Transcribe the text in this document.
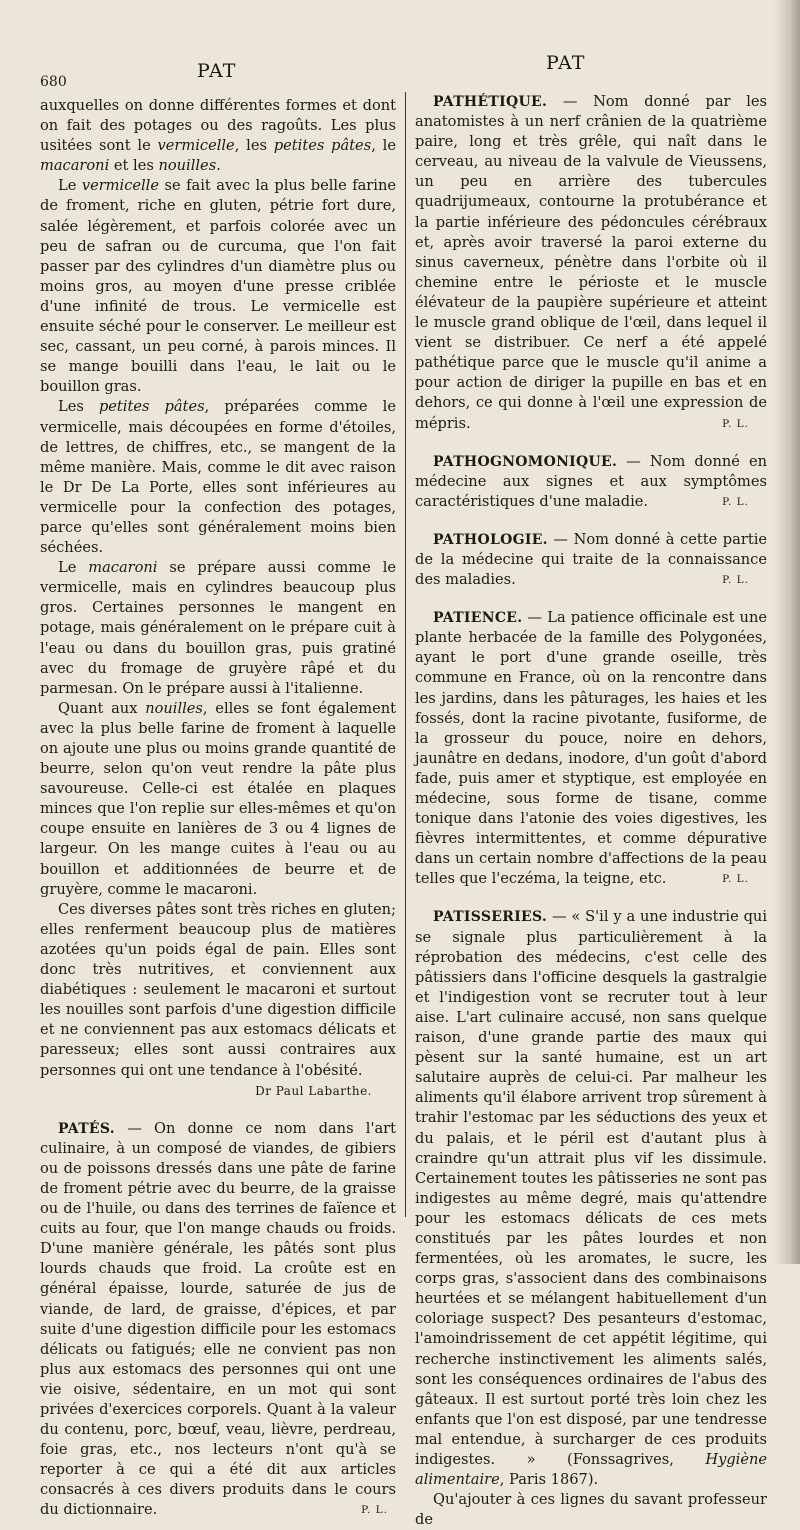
680	PAT	PAT

auxquelles on donne différentes formes et dont on fait des potages ou des ragoûts. Les plus usitées sont le vermicelle, les petites pâtes, le macaroni et les nouilles.

Le vermicelle se fait avec la plus belle farine de froment, riche en gluten, pétrie fort dure, salée légèrement, et parfois colorée avec un peu de safran ou de curcuma, que l'on fait passer par des cylindres d'un diamètre plus ou moins gros, au moyen d'une presse criblée d'une infinité de trous. Le vermicelle est ensuite séché pour le conserver. Le meilleur est sec, cassant, un peu corné, à parois minces. Il se mange bouilli dans l'eau, le lait ou le bouillon gras.

Les petites pâtes, préparées comme le vermicelle, mais découpées en forme d'étoiles, de lettres, de chiffres, etc., se mangent de la même manière. Mais, comme le dit avec raison le Dr De La Porte, elles sont inférieures au vermicelle pour la confection des potages, parce qu'elles sont généralement moins bien séchées.

Le macaroni se prépare aussi comme le vermicelle, mais en cylindres beaucoup plus gros. Certaines personnes le mangent en potage, mais généralement on le prépare cuit à l'eau ou dans du bouillon gras, puis gratiné avec du fromage de gruyère râpé et du parmesan. On le prépare aussi à l'italienne.

Quant aux nouilles, elles se font également avec la plus belle farine de froment à laquelle on ajoute une plus ou moins grande quantité de beurre, selon qu'on veut rendre la pâte plus savoureuse. Celle-ci est étalée en plaques minces que l'on replie sur elles-mêmes et qu'on coupe ensuite en lanières de 3 ou 4 lignes de largeur. On les mange cuites à l'eau ou au bouillon et additionnées de beurre et de gruyère, comme le macaroni.

Ces diverses pâtes sont très riches en gluten; elles renferment beaucoup plus de matières azotées qu'un poids égal de pain. Elles sont donc très nutritives, et conviennent aux diabétiques : seulement le macaroni et surtout les nouilles sont parfois d'une digestion difficile et ne conviennent pas aux estomacs délicats et paresseux; elles sont aussi contraires aux personnes qui ont une tendance à l'obésité.

Dr Paul Labarthe.

PATÉS. — On donne ce nom dans l'art culinaire, à un composé de viandes, de gibiers ou de poissons dressés dans une pâte de farine de froment pétrie avec du beurre, de la graisse ou de l'huile, ou dans des terrines de faïence et cuits au four, que l'on mange chauds ou froids. D'une manière générale, les pâtés sont plus lourds chauds que froid. La croûte est en général épaisse, lourde, saturée de jus de viande, de lard, de graisse, d'épices, et par suite d'une digestion difficile pour les estomacs délicats ou fatigués; elle ne convient pas non plus aux estomacs des personnes qui ont une vie oisive, sédentaire, en un mot qui sont privées d'exercices corporels. Quant à la valeur du contenu, porc, bœuf, veau, lièvre, perdreau, foie gras, etc., nos lecteurs n'ont qu'à se reporter à ce qui a été dit aux articles consacrés à ces divers produits dans le cours du dictionnaire.	P. L.

PATHÉTIQUE. — Nom donné par les anatomistes à un nerf crânien de la quatrième paire, long et très grêle, qui naît dans le cerveau, au niveau de la valvule de Vieussens, un peu en arrière des tubercules quadrijumeaux, contourne la protubérance et la partie inférieure des pédoncules cérébraux et, après avoir traversé la paroi externe du sinus caverneux, pénètre dans l'orbite où il chemine entre le périoste et le muscle élévateur de la paupière supérieure et atteint le muscle grand oblique de l'œil, dans lequel il vient se distribuer. Ce nerf a été appelé pathétique parce que le muscle qu'il anime a pour action de diriger la pupille en bas et en dehors, ce qui donne à l'œil une expression de mépris.	P. L.

PATHOGNOMONIQUE. — Nom donné en médecine aux signes et aux symptômes caractéristiques d'une maladie.	P. L.

PATHOLOGIE. — Nom donné à cette partie de la médecine qui traite de la connaissance des maladies.	P. L.

PATIENCE. — La patience officinale est une plante herbacée de la famille des Polygonées, ayant le port d'une grande oseille, très commune en France, où on la rencontre dans les jardins, dans les pâturages, les haies et les fossés, dont la racine pivotante, fusiforme, de la grosseur du pouce, noire en dehors, jaunâtre en dedans, inodore, d'un goût d'abord fade, puis amer et styptique, est employée en médecine, sous forme de tisane, comme tonique dans l'atonie des voies digestives, les fièvres intermittentes, et comme dépurative dans un certain nombre d'affections de la peau telles que l'eczéma, la teigne, etc.	P. L.

PATISSERIES. — « S'il y a une industrie qui se signale plus particulièrement à la réprobation des médecins, c'est celle des pâtissiers dans l'officine desquels la gastralgie et l'indigestion vont se recruter tout à leur aise. L'art culinaire accusé, non sans quelque raison, d'une grande partie des maux qui pèsent sur la santé humaine, est un art salutaire auprès de celui-ci. Par malheur les aliments qu'il élabore arrivent trop sûrement à trahir l'estomac par les séductions des yeux et du palais, et le péril est d'autant plus à craindre qu'un attrait plus vif les dissimule. Certainement toutes les pâtisseries ne sont pas indigestes au même degré, mais qu'attendre pour les estomacs délicats de ces mets constitués par les pâtes lourdes et non fermentées, où les aromates, le sucre, les corps gras, s'associent dans des combinaisons heurtées et se mélangent habituellement d'un coloriage suspect? Des pesanteurs d'estomac, l'amoindrissement de cet appétit légitime, qui recherche instinctivement les aliments salés, sont les conséquences ordinaires de l'abus des gâteaux. Il est surtout porté très loin chez les enfants que l'on est disposé, par une tendresse mal entendue, à surcharger de ces produits indigestes. » (Fonssagrives, Hygiène alimentaire, Paris 1867).

Qu'ajouter à ces lignes du savant professeur de
